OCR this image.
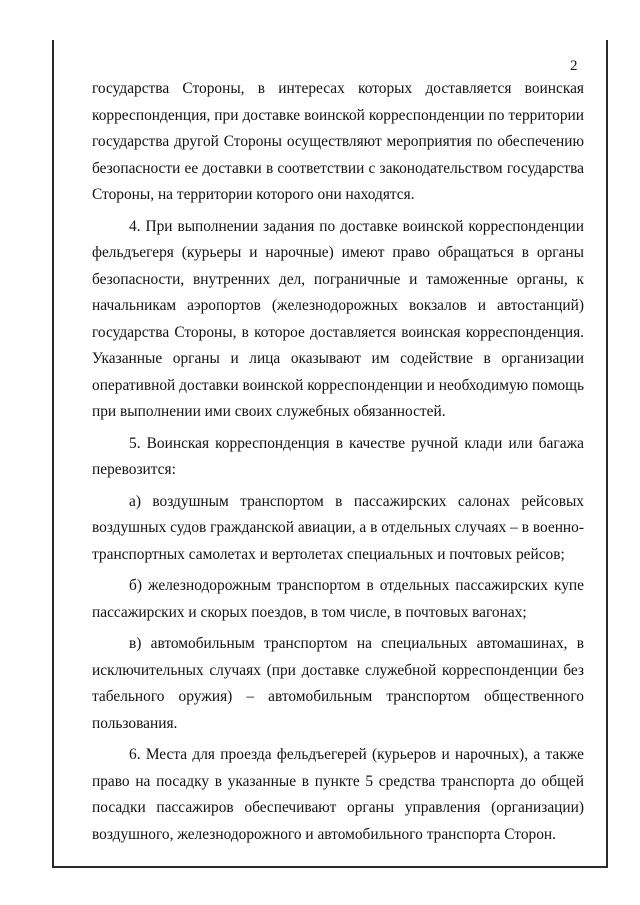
2

государства Стороны, в интересах которых доставляется воинская корреспонденция, при доставке воинской корреспонденции по территории государства другой Стороны осуществляют мероприятия по обеспечению безопасности ее доставки в соответствии с законодательством государства Стороны, на территории которого они находятся.

4. При выполнении задания по доставке воинской корреспонденции фельдъегеря (курьеры и нарочные) имеют право обращаться в органы безопасности, внутренних дел, пограничные и таможенные органы, к начальникам аэропортов (железнодорожных вокзалов и автостанций) государства Стороны, в которое доставляется воинская корреспонденция. Указанные органы и лица оказывают им содействие в организации оперативной доставки воинской корреспонденции и необходимую помощь при выполнении ими своих служебных обязанностей.

5. Воинская корреспонденция в качестве ручной клади или багажа перевозится:

а) воздушным транспортом в пассажирских салонах рейсовых воздушных судов гражданской авиации, а в отдельных случаях – в военно-транспортных самолетах и вертолетах специальных и почтовых рейсов;

б) железнодорожным транспортом в отдельных пассажирских купе пассажирских и скорых поездов, в том числе, в почтовых вагонах;

в) автомобильным транспортом на специальных автомашинах, в исключительных случаях (при доставке служебной корреспонденции без табельного оружия) – автомобильным транспортом общественного пользования.

6. Места для проезда фельдъегерей (курьеров и нарочных), а также право на посадку в указанные в пункте 5 средства транспорта до общей посадки пассажиров обеспечивают органы управления (организации) воздушного, железнодорожного и автомобильного транспорта Сторон.
